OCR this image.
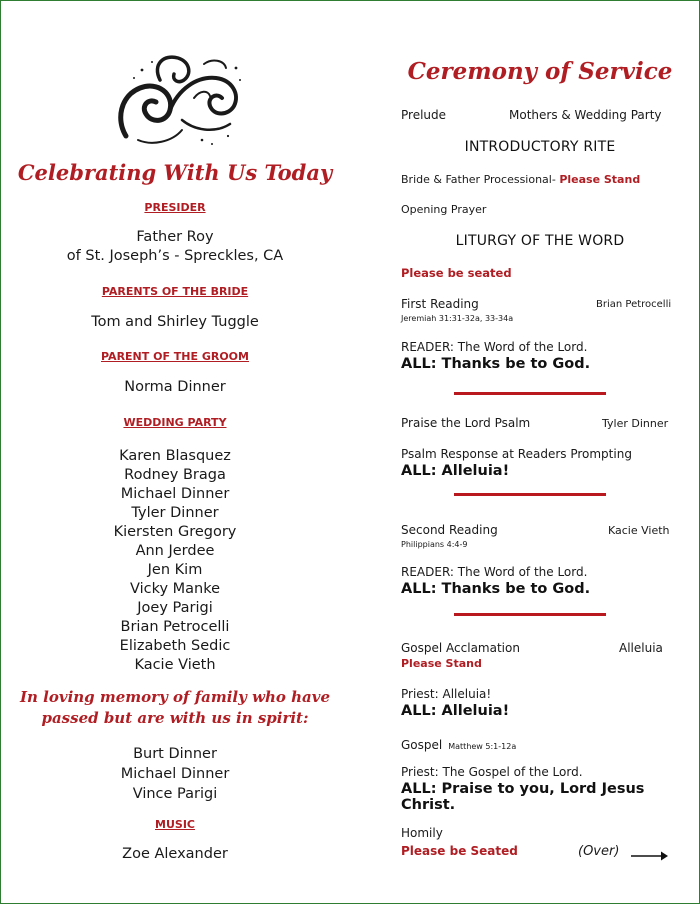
Celebrating With Us Today
PRESIDER
Father Roy
of St. Joseph’s - Spreckles, CA
PARENTS OF THE BRIDE
Tom and Shirley Tuggle
PARENT OF THE GROOM
Norma Dinner
WEDDING PARTY
Karen Blasquez
Rodney Braga
Michael Dinner
Tyler Dinner
Kiersten Gregory
Ann Jerdee
Jen Kim
Vicky Manke
Joey Parigi
Brian Petrocelli
Elizabeth Sedic
Kacie Vieth
In loving memory of family who have
passed but are with us in spirit:
Burt Dinner
Michael Dinner
Vince Parigi
MUSIC
Zoe Alexander
Ceremony of Service
Prelude	Mothers & Wedding Party
INTRODUCTORY RITE
Bride & Father Processional- Please Stand
Opening Prayer
LITURGY OF THE WORD
Please be seated
First Reading	Brian Petrocelli
Jeremiah 31:31-32a, 33-34a
READER: The Word of the Lord.
ALL: Thanks be to God.
Praise the Lord Psalm	Tyler Dinner
Psalm Response at Readers Prompting
ALL: Alleluia!
Second Reading	Kacie Vieth
Philippians 4:4-9
READER: The Word of the Lord.
ALL: Thanks be to God.
Gospel Acclamation	Alleluia
Please Stand
Priest: Alleluia!
ALL: Alleluia!
Gospel Matthew 5:1-12a
Priest: The Gospel of the Lord.
ALL: Praise to you, Lord Jesus Christ.
Homily
Please be Seated	(Over)
